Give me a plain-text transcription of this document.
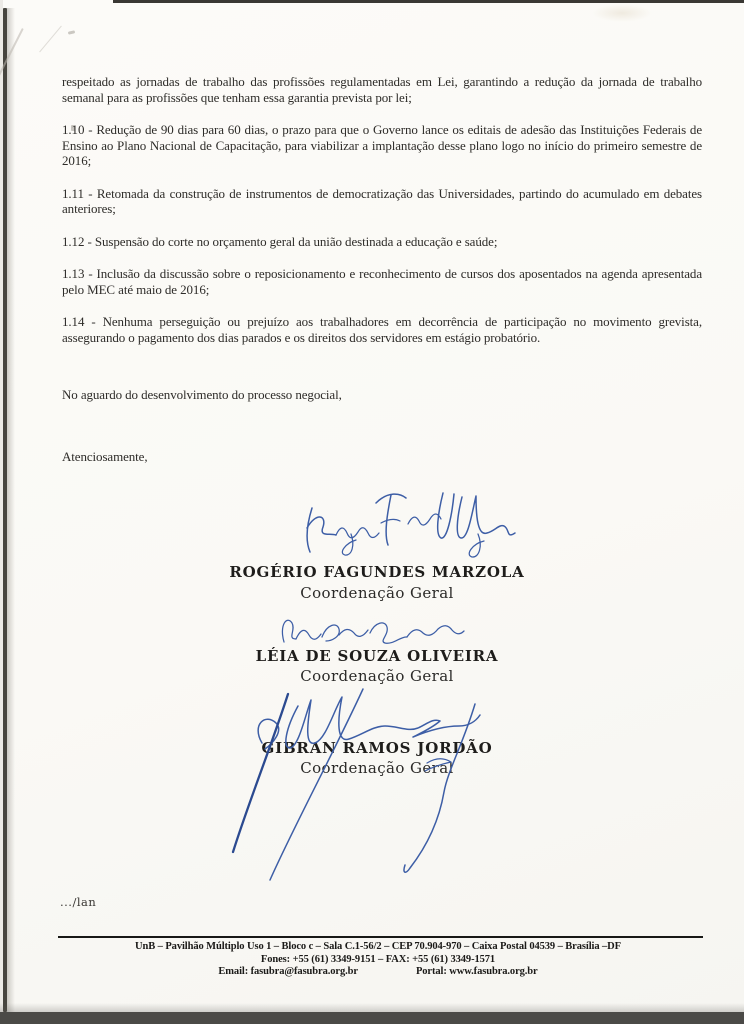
respeitado as jornadas de trabalho das profissões regulamentadas em Lei, garantindo a redução da jornada de trabalho semanal para as profissões que tenham essa garantia prevista por lei;

1.10 - Redução de 90 dias para 60 dias, o prazo para que o Governo lance os editais de adesão das Instituições Federais de Ensino ao Plano Nacional de Capacitação, para viabilizar a implantação desse plano logo no início do primeiro semestre de 2016;

1.11 - Retomada da construção de instrumentos de democratização das Universidades, partindo do acumulado em debates anteriores;

1.12 - Suspensão do corte no orçamento geral da união destinada a educação e saúde;

1.13 - Inclusão da discussão sobre o reposicionamento e reconhecimento de cursos dos aposentados na agenda apresentada pelo MEC até maio de 2016;

1.14 - Nenhuma perseguição ou prejuízo aos trabalhadores em decorrência de participação no movimento grevista, assegurando o pagamento dos dias parados e os direitos dos servidores em estágio probatório.

No aguardo do desenvolvimento do processo negocial,

Atenciosamente,

ROGÉRIO FAGUNDES MARZOLA
Coordenação Geral
LÉIA DE SOUZA OLIVEIRA
Coordenação Geral
GIBRAN RAMOS JORDÃO
Coordenação Geral
.../lan
UnB – Pavilhão Múltiplo Uso 1 – Bloco c – Sala C.1-56/2 – CEP 70.904-970 – Caixa Postal 04539 – Brasília –DF
Fones: +55 (61) 3349-9151 – FAX: +55 (61) 3349-1571
Email: fasubra@fasubra.org.br	Portal: www.fasubra.org.br
